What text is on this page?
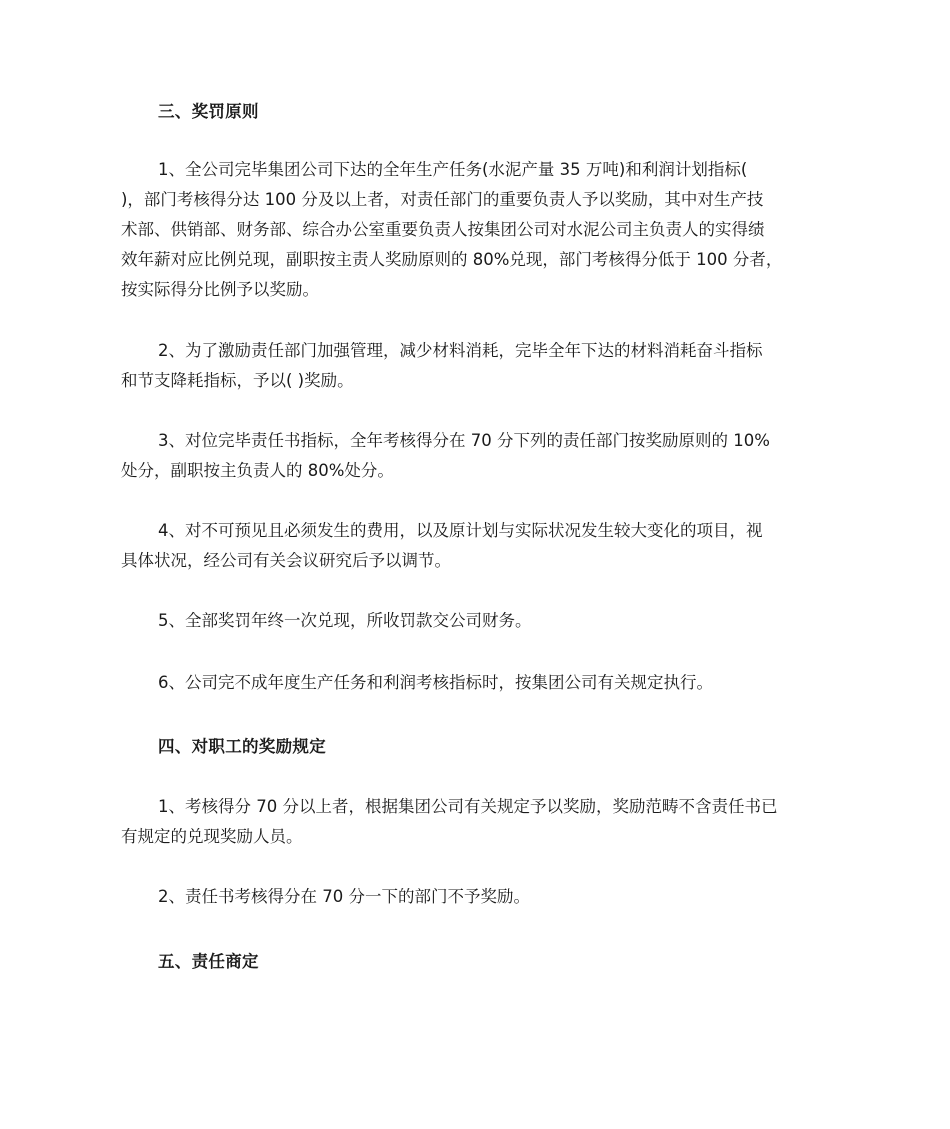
三、奖罚原则
1、全公司完毕集团公司下达的全年生产任务(水泥产量 35 万吨)和利润计划指标(
)，部门考核得分达 100 分及以上者，对责任部门的重要负责人予以奖励，其中对生产技
术部、供销部、财务部、综合办公室重要负责人按集团公司对水泥公司主负责人的实得绩
效年薪对应比例兑现，副职按主责人奖励原则的 80%兑现，部门考核得分低于 100 分者，
按实际得分比例予以奖励。
2、为了激励责任部门加强管理，减少材料消耗，完毕全年下达的材料消耗奋斗指标
和节支降耗指标，予以( )奖励。
3、对位完毕责任书指标，全年考核得分在 70 分下列的责任部门按奖励原则的 10%
处分，副职按主负责人的 80%处分。
4、对不可预见且必须发生的费用，以及原计划与实际状况发生较大变化的项目，视
具体状况，经公司有关会议研究后予以调节。
5、全部奖罚年终一次兑现，所收罚款交公司财务。
6、公司完不成年度生产任务和利润考核指标时，按集团公司有关规定执行。
四、对职工的奖励规定
1、考核得分 70 分以上者，根据集团公司有关规定予以奖励，奖励范畴不含责任书已
有规定的兑现奖励人员。
2、责任书考核得分在 70 分一下的部门不予奖励。
五、责任商定
